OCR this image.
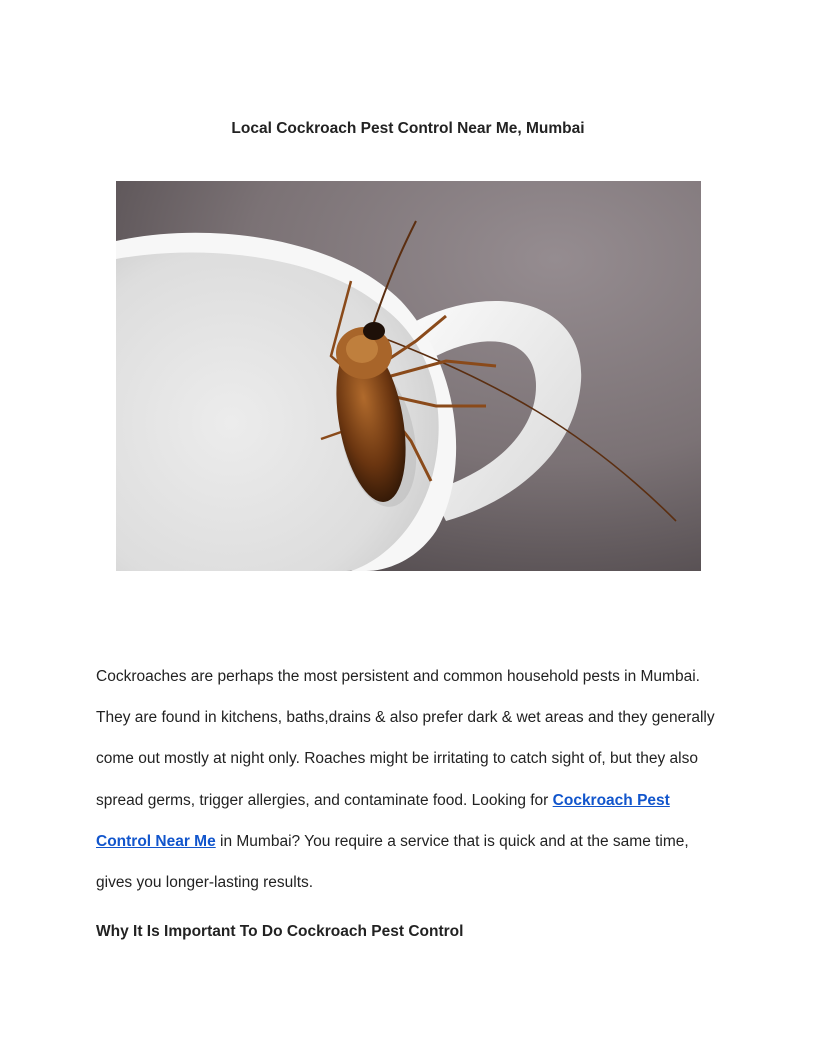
Local Cockroach Pest Control Near Me, Mumbai

Cockroaches are perhaps the most persistent and common household pests in Mumbai. They are found in kitchens, baths,drains & also prefer dark & wet areas and they generally come out mostly at night only. Roaches might be irritating to catch sight of, but they also spread germs, trigger allergies, and contaminate food. Looking for Cockroach Pest Control Near Me in Mumbai? You require a service that is quick and at the same time, gives you longer-lasting results.

Why It Is Important To Do Cockroach Pest Control
